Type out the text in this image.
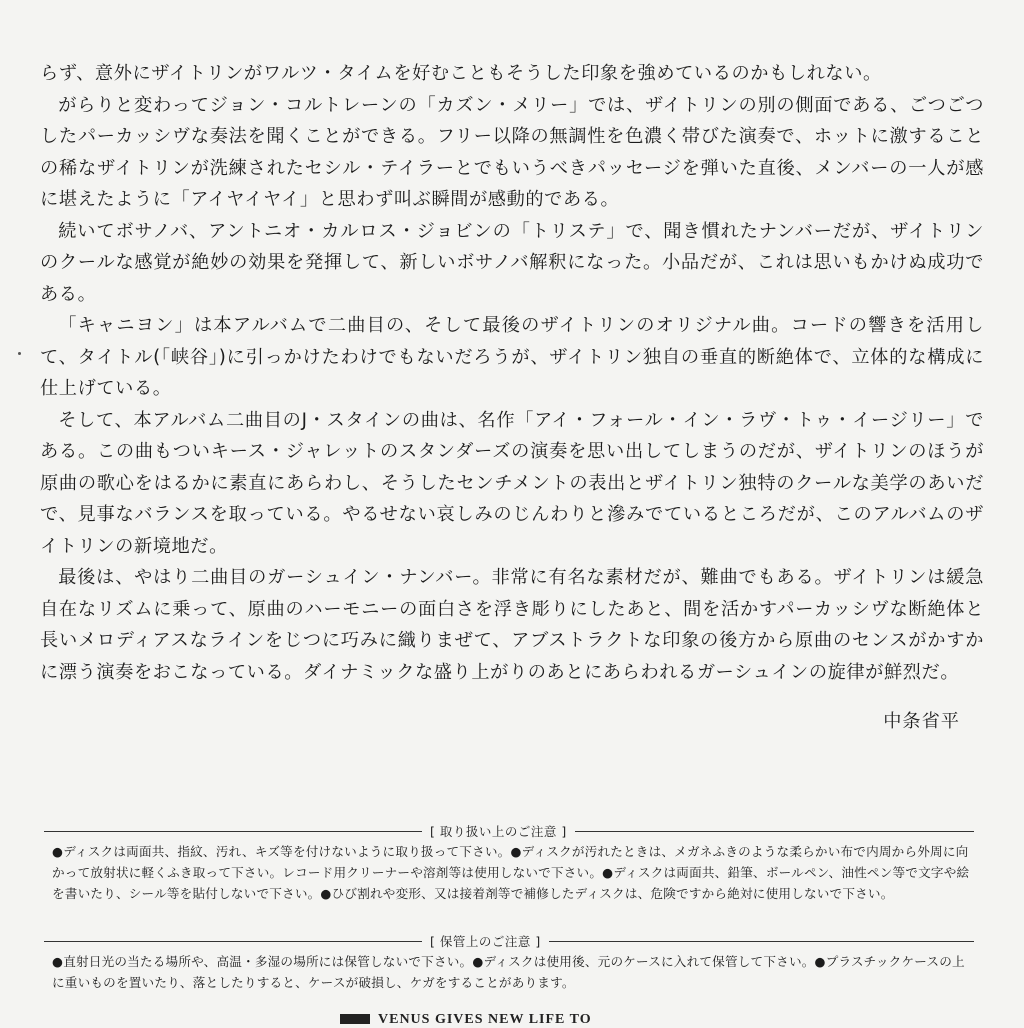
らず、意外にザイトリンがワルツ・タイムを好むこともそうした印象を強めているのかもしれない。

がらりと変わってジョン・コルトレーンの「カズン・メリー」では、ザイトリンの別の側面である、ごつごつしたパーカッシヴな奏法を聞くことができる。フリー以降の無調性を色濃く帯びた演奏で、ホットに激することの稀なザイトリンが洗練されたセシル・テイラーとでもいうべきパッセージを弾いた直後、メンバーの一人が感に堪えたように「アイヤイヤイ」と思わず叫ぶ瞬間が感動的である。

続いてボサノバ、アントニオ・カルロス・ジョビンの「トリステ」で、聞き慣れたナンバーだが、ザイトリンのクールな感覚が絶妙の効果を発揮して、新しいボサノバ解釈になった。小品だが、これは思いもかけぬ成功である。

「キャニヨン」は本アルバムで二曲目の、そして最後のザイトリンのオリジナル曲。コードの響きを活用して、タイトル(「峡谷」)に引っかけたわけでもないだろうが、ザイトリン独自の垂直的断絶体で、立体的な構成に仕上げている。

そして、本アルバム二曲目のJ・スタインの曲は、名作「アイ・フォール・イン・ラヴ・トゥ・イージリー」である。この曲もついキース・ジャレットのスタンダーズの演奏を思い出してしまうのだが、ザイトリンのほうが原曲の歌心をはるかに素直にあらわし、そうしたセンチメントの表出とザイトリン独特のクールな美学のあいだで、見事なバランスを取っている。やるせない哀しみのじんわりと滲みでているところだが、このアルバムのザイトリンの新境地だ。

最後は、やはり二曲目のガーシュイン・ナンバー。非常に有名な素材だが、難曲でもある。ザイトリンは緩急自在なリズムに乗って、原曲のハーモニーの面白さを浮き彫りにしたあと、間を活かすパーカッシヴな断絶体と長いメロディアスなラインをじつに巧みに織りまぜて、アブストラクトな印象の後方から原曲のセンスがかすかに漂う演奏をおこなっている。ダイナミックな盛り上がりのあとにあらわれるガーシュインの旋律が鮮烈だ。

中条省平
[ 取り扱い上のご注意 ]
●ディスクは両面共、指紋、汚れ、キズ等を付けないように取り扱って下さい。●ディスクが汚れたときは、メガネふきのような柔らかい布で内周から外周に向かって放射状に軽くふき取って下さい。レコード用クリーナーや溶剤等は使用しないで下さい。●ディスクは両面共、鉛筆、ボールペン、油性ペン等で文字や絵を書いたり、シール等を貼付しないで下さい。●ひび割れや変形、又は接着剤等で補修したディスクは、危険ですから絶対に使用しないで下さい。
[ 保管上のご注意 ]
●直射日光の当たる場所や、高温・多湿の場所には保管しないで下さい。●ディスクは使用後、元のケースに入れて保管して下さい。●プラスチックケースの上に重いものを置いたり、落としたりすると、ケースが破損し、ケガをすることがあります。
VENUS GIVES NEW LIFE TO
